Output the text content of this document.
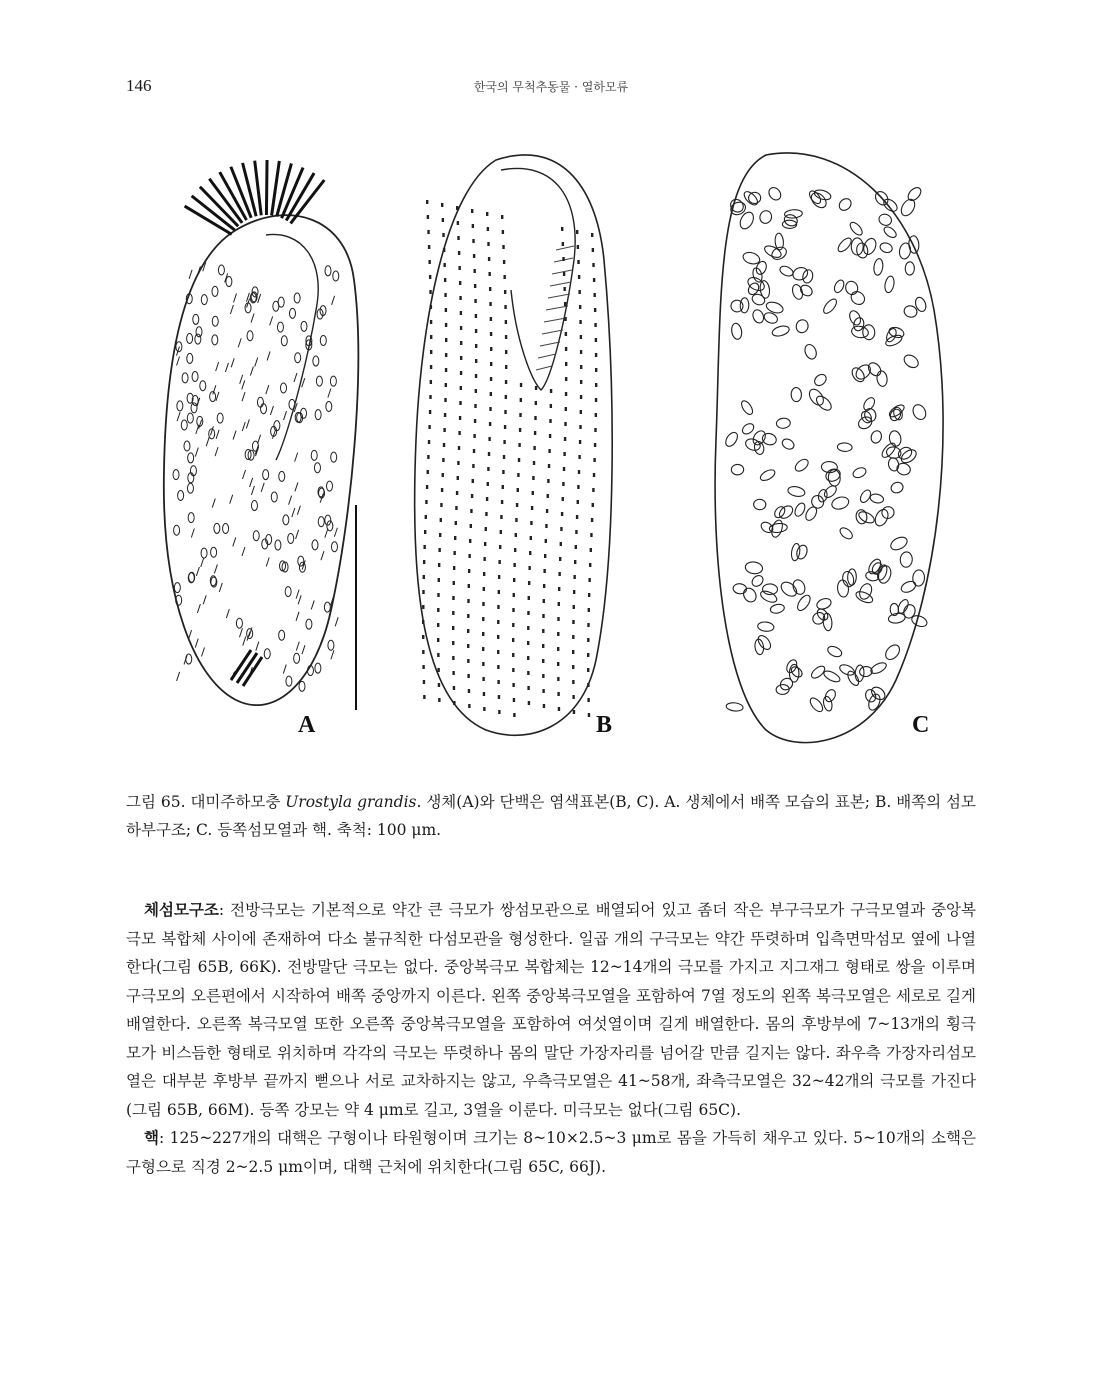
146	한국의 무척추동물 · 열하모류
A	B	C
그림 65. 대미주하모충 Urostyla grandis. 생체(A)와 단백은 염색표본(B, C). A. 생체에서 배쪽 모습의 표본; B. 배쪽의 섬모하부구조; C. 등쪽섬모열과 핵. 축척: 100 μm.

체섬모구조: 전방극모는 기본적으로 약간 큰 극모가 쌍섬모관으로 배열되어 있고 좀더 작은 부구극모가 구극모열과 중앙복극모 복합체 사이에 존재하여 다소 불규칙한 다섬모관을 형성한다. 일곱 개의 구극모는 약간 뚜렷하며 입측면막섬모 옆에 나열한다(그림 65B, 66K). 전방말단 극모는 없다. 중앙복극모 복합체는 12~14개의 극모를 가지고 지그재그 형태로 쌍을 이루며 구극모의 오른편에서 시작하여 배쪽 중앙까지 이른다. 왼쪽 중앙복극모열을 포함하여 7열 정도의 왼쪽 복극모열은 세로로 길게 배열한다. 오른쪽 복극모열 또한 오른쪽 중앙복극모열을 포함하여 여섯열이며 길게 배열한다. 몸의 후방부에 7~13개의 횡극모가 비스듬한 형태로 위치하며 각각의 극모는 뚜렷하나 몸의 말단 가장자리를 넘어갈 만큼 길지는 않다. 좌우측 가장자리섬모열은 대부분 후방부 끝까지 뻗으나 서로 교차하지는 않고, 우측극모열은 41~58개, 좌측극모열은 32~42개의 극모를 가진다(그림 65B, 66M). 등쪽 강모는 약 4 μm로 길고, 3열을 이룬다. 미극모는 없다(그림 65C).

핵: 125~227개의 대핵은 구형이나 타원형이며 크기는 8~10×2.5~3 μm로 몸을 가득히 채우고 있다. 5~10개의 소핵은 구형으로 직경 2~2.5 μm이며, 대핵 근처에 위치한다(그림 65C, 66J).
